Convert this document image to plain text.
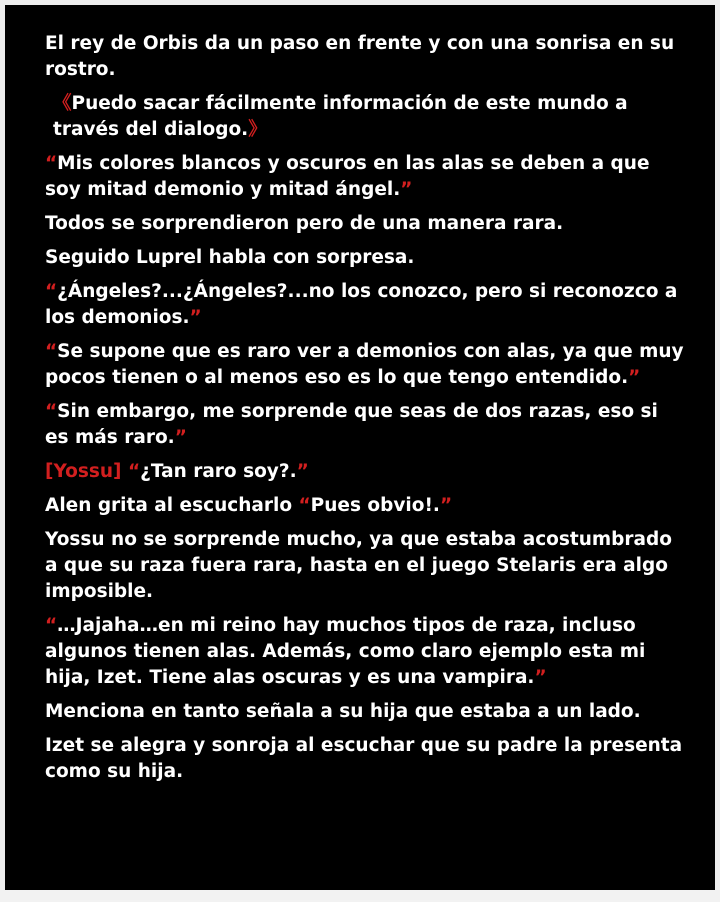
El rey de Orbis da un paso en frente y con una sonrisa en su rostro.

《Puedo sacar fácilmente información de este mundo a través del dialogo.》

“Mis colores blancos y oscuros en las alas se deben a que soy mitad demonio y mitad ángel.”

Todos se sorprendieron pero de una manera rara.

Seguido Luprel habla con sorpresa.

“¿Ángeles?...¿Ángeles?...no los conozco, pero si reconozco a los demonios.”

“Se supone que es raro ver a demonios con alas, ya que muy pocos tienen o al menos eso es lo que tengo entendido.”

“Sin embargo, me sorprende que seas de dos razas, eso si es más raro.”

[Yossu] “¿Tan raro soy?.”

Alen grita al escucharlo “Pues obvio!.”

Yossu no se sorprende mucho, ya que estaba acostumbrado a que su raza fuera rara, hasta en el juego Stelaris era algo imposible.

“…Jajaha…en mi reino hay muchos tipos de raza, incluso algunos tienen alas. Además, como claro ejemplo esta mi hija, Izet. Tiene alas oscuras y es una vampira.”

Menciona en tanto señala a su hija que estaba a un lado.

Izet se alegra y sonroja al escuchar que su padre la presenta como su hija.
